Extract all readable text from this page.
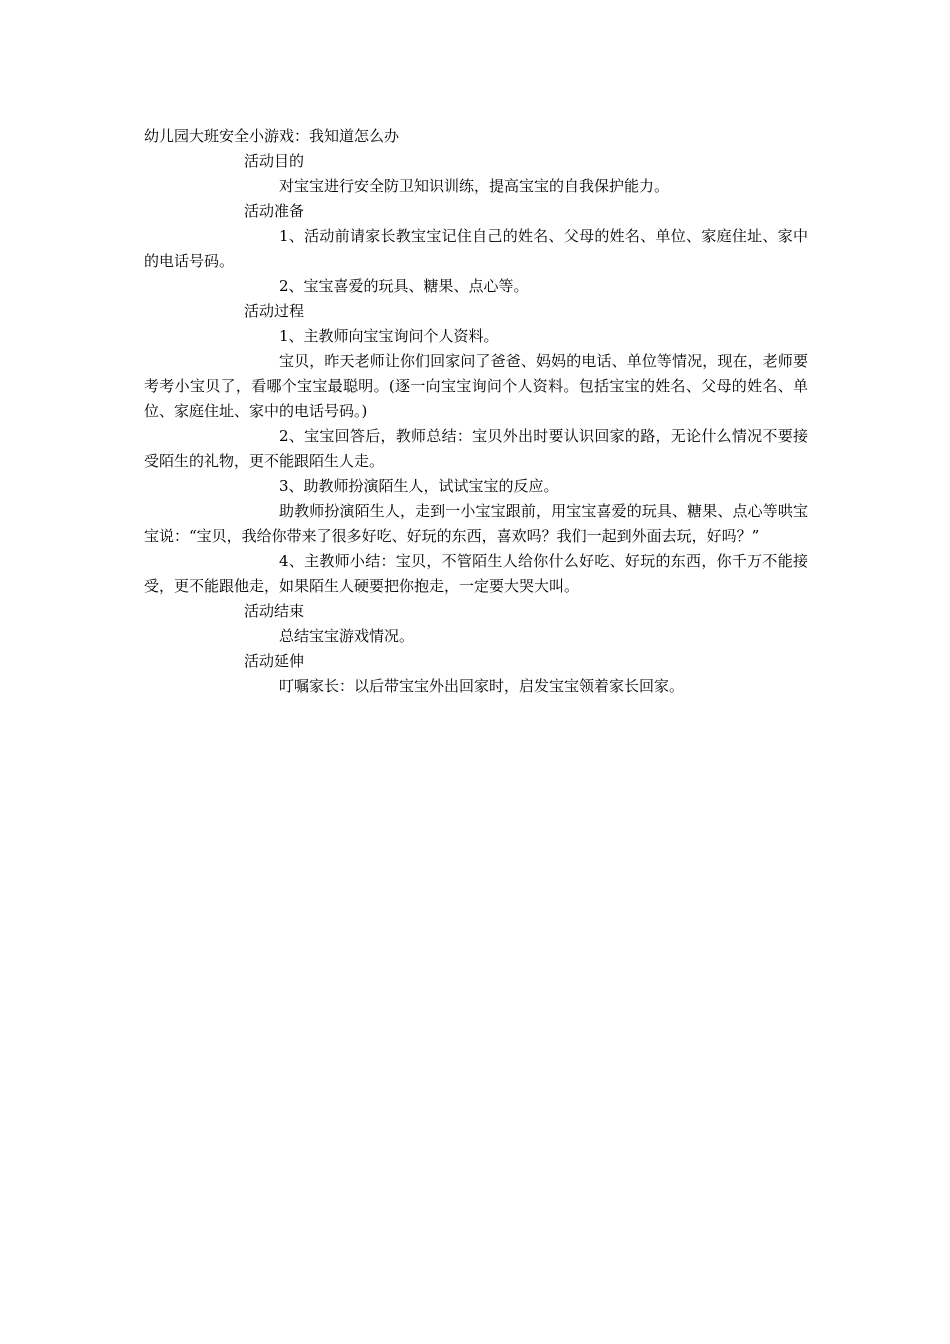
幼儿园大班安全小游戏：我知道怎么办
活动目的

对宝宝进行安全防卫知识训练，提高宝宝的自我保护能力。

活动准备

1、活动前请家长教宝宝记住自己的姓名、父母的姓名、单位、家庭住址、家中的电话号码。

2、宝宝喜爱的玩具、糖果、点心等。

活动过程

1、主教师向宝宝询问个人资料。

宝贝，昨天老师让你们回家问了爸爸、妈妈的电话、单位等情况，现在，老师要考考小宝贝了，看哪个宝宝最聪明。(逐一向宝宝询问个人资料。包括宝宝的姓名、父母的姓名、单位、家庭住址、家中的电话号码。)

2、宝宝回答后，教师总结：宝贝外出时要认识回家的路，无论什么情况不要接受陌生的礼物，更不能跟陌生人走。

3、助教师扮演陌生人，试试宝宝的反应。

助教师扮演陌生人，走到一小宝宝跟前，用宝宝喜爱的玩具、糖果、点心等哄宝宝说：“宝贝，我给你带来了很多好吃、好玩的东西，喜欢吗？我们一起到外面去玩，好吗？”

4、主教师小结：宝贝，不管陌生人给你什么好吃、好玩的东西，你千万不能接受，更不能跟他走，如果陌生人硬要把你抱走，一定要大哭大叫。

活动结束

总结宝宝游戏情况。

活动延伸

叮嘱家长：以后带宝宝外出回家时，启发宝宝领着家长回家。
